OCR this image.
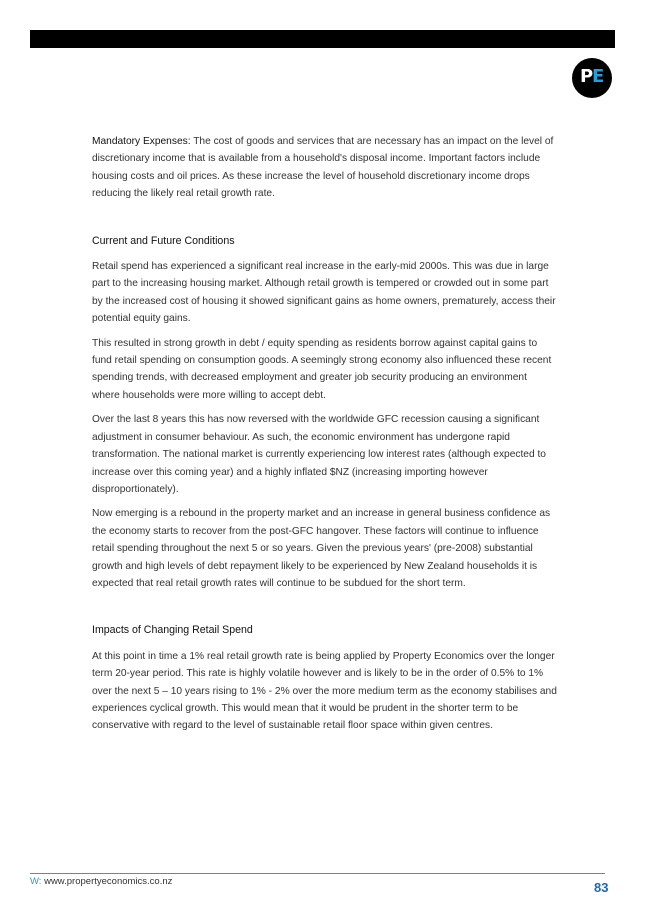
P
E

Mandatory Expenses: The cost of goods and services that are necessary has an impact on the level of discretionary income that is available from a household's disposal income. Important factors include housing costs and oil prices. As these increase the level of household discretionary income drops reducing the likely real retail growth rate.

Current and Future Conditions

Retail spend has experienced a significant real increase in the early-mid 2000s. This was due in large part to the increasing housing market. Although retail growth is tempered or crowded out in some part by the increased cost of housing it showed significant gains as home owners, prematurely, access their potential equity gains.

This resulted in strong growth in debt / equity spending as residents borrow against capital gains to fund retail spending on consumption goods. A seemingly strong economy also influenced these recent spending trends, with decreased employment and greater job security producing an environment where households were more willing to accept debt.

Over the last 8 years this has now reversed with the worldwide GFC recession causing a significant adjustment in consumer behaviour. As such, the economic environment has undergone rapid transformation. The national market is currently experiencing low interest rates (although expected to increase over this coming year) and a highly inflated $NZ (increasing importing however disproportionately).

Now emerging is a rebound in the property market and an increase in general business confidence as the economy starts to recover from the post-GFC hangover. These factors will continue to influence retail spending throughout the next 5 or so years. Given the previous years' (pre-2008) substantial growth and high levels of debt repayment likely to be experienced by New Zealand households it is expected that real retail growth rates will continue to be subdued for the short term.

Impacts of Changing Retail Spend

At this point in time a 1% real retail growth rate is being applied by Property Economics over the longer term 20-year period. This rate is highly volatile however and is likely to be in the order of 0.5% to 1% over the next 5 – 10 years rising to 1% - 2% over the more medium term as the economy stabilises and experiences cyclical growth. This would mean that it would be prudent in the shorter term to be conservative with regard to the level of sustainable retail floor space within given centres.

W: www.propertyeconomics.co.nz	83
